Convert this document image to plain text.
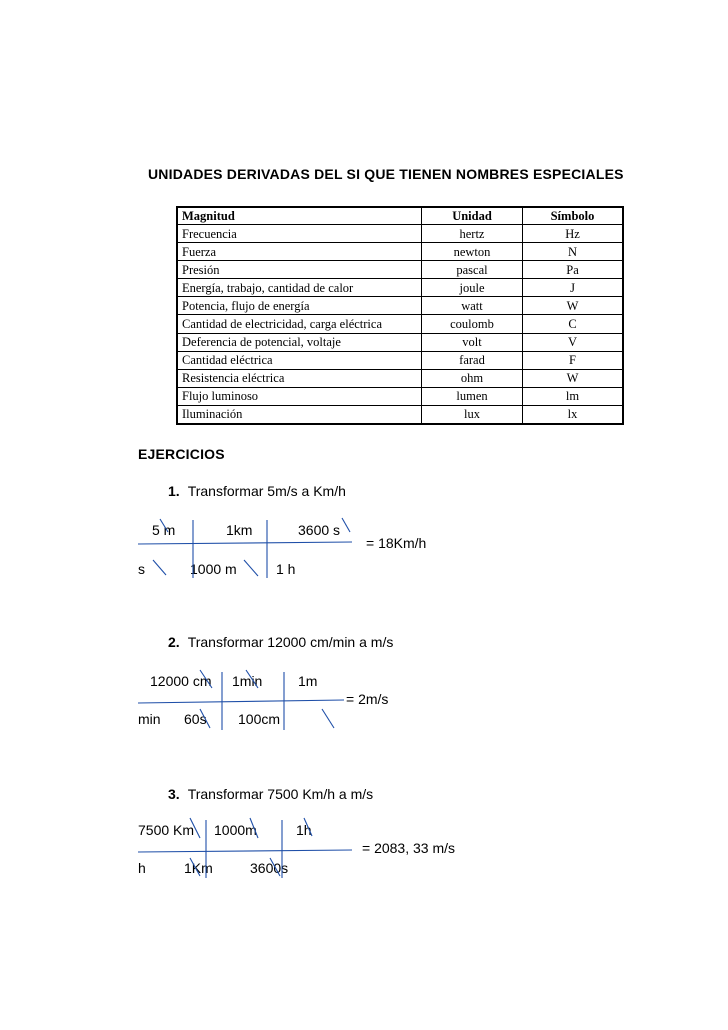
UNIDADES DERIVADAS DEL SI QUE TIENEN NOMBRES ESPECIALES
Magnitud	Unidad	Símbolo
Frecuencia	hertz	Hz
Fuerza	newton	N
Presión	pascal	Pa
Energía, trabajo, cantidad de calor	joule	J
Potencia, flujo de energía	watt	W
Cantidad de electricidad, carga eléctrica	coulomb	C
Deferencia de potencial, voltaje	volt	V
Cantidad eléctrica	farad	F
Resistencia eléctrica	ohm	W
Flujo luminoso	lumen	lm
Iluminación	lux	lx
EJERCICIOS
1. Transformar 5m/s a Km/h
5 m	1km	3600 s
= 18Km/h
s	1000 m	1 h
2. Transformar 12000 cm/min a m/s
12000 cm 1min	1m
= 2m/s
min 60s 100cm
3. Transformar 7500 Km/h a m/s
7500 Km 1000m	1h
= 2083, 33 m/s
h	1Km	3600s
